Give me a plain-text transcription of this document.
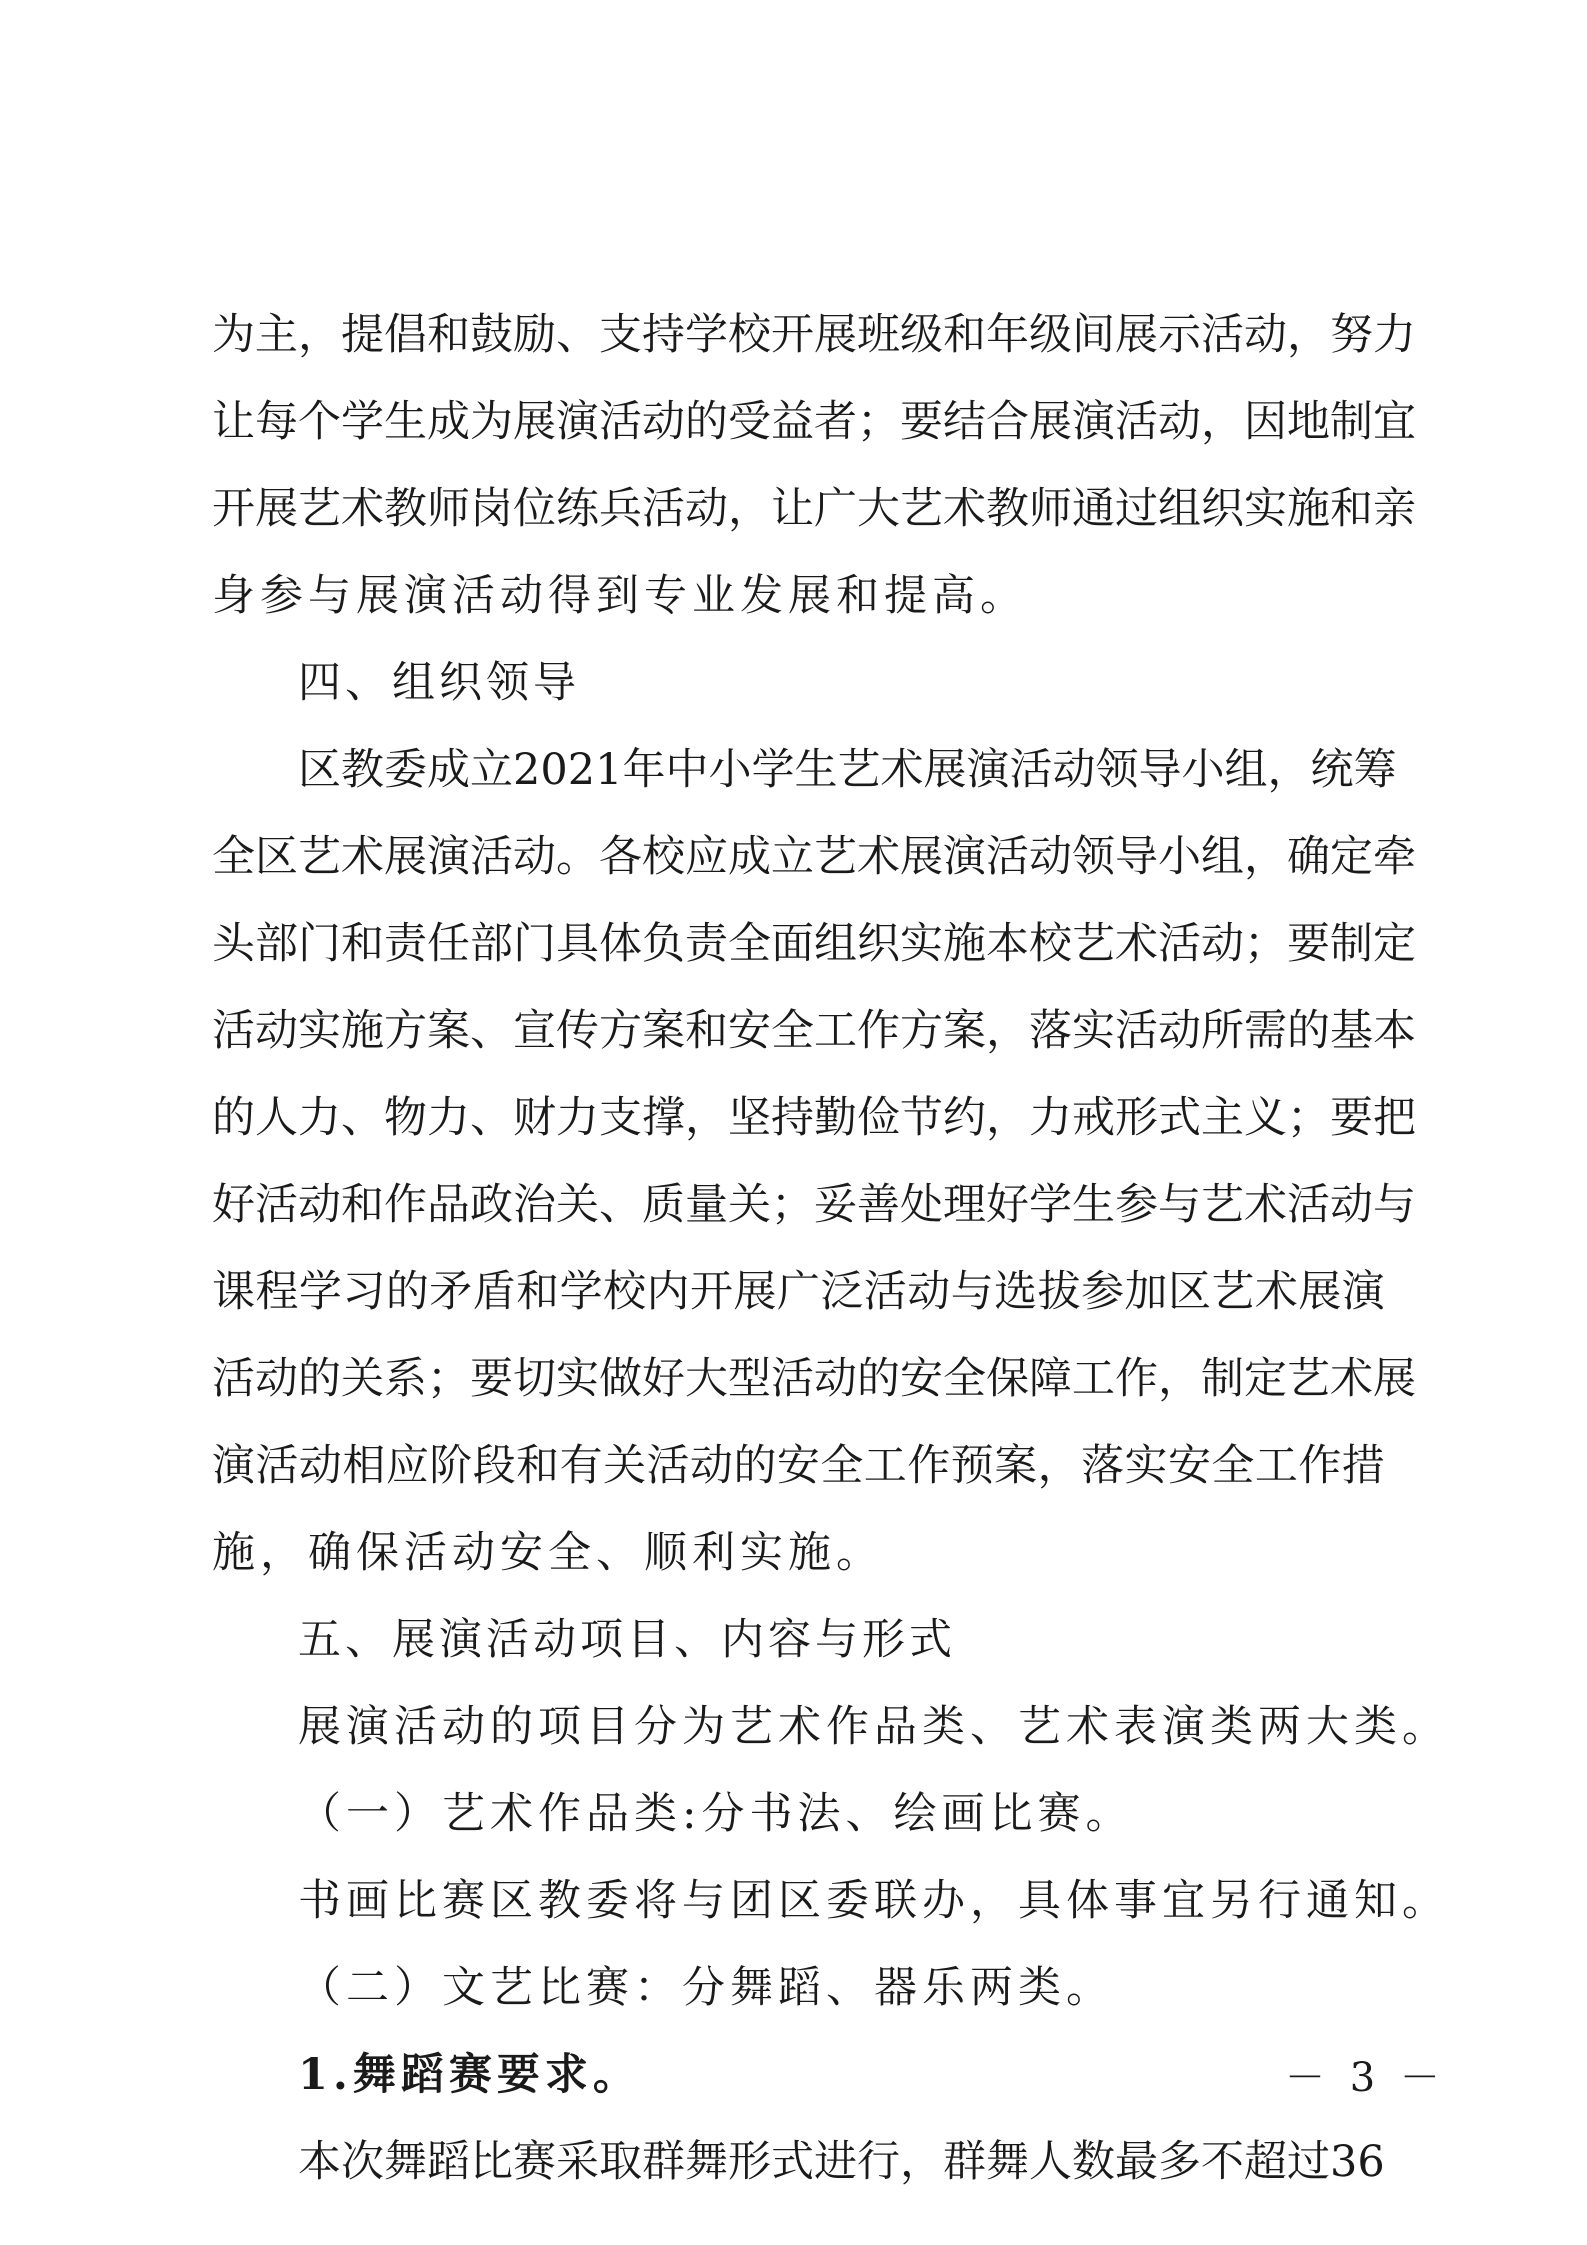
为 主 ， 提 倡 和 鼓 励 、 支 持 学 校 开 展 班 级 和 年 级 间 展 示 活 动 ， 努 力
让 每 个 学 生 成 为 展 演 活 动 的 受 益 者 ； 要 结 合 展 演 活 动 ， 因 地 制 宜
开 展 艺 术 教 师 岗 位 练 兵 活 动 ， 让 广 大 艺 术 教 师 通 过 组 织 实 施 和 亲
身参与展演活动得到专业发展和提高。
四、组织领导
区 教 委 成 立 2021 年 中 小 学 生 艺 术 展 演 活 动 领 导 小 组 ， 统 筹
全 区 艺 术 展 演 活 动 。 各 校 应 成 立 艺 术 展 演 活 动 领 导 小 组 ， 确 定 牵
头 部 门 和 责 任 部 门 具 体 负 责 全 面 组 织 实 施 本 校 艺 术 活 动 ； 要 制 定
活 动 实 施 方 案 、 宣 传 方 案 和 安 全 工 作 方 案 ， 落 实 活 动 所 需 的 基 本
的 人 力 、 物 力 、 财 力 支 撑 ， 坚 持 勤 俭 节 约 ， 力 戒 形 式 主 义 ； 要 把
好 活 动 和 作 品 政 治 关 、 质 量 关 ； 妥 善 处 理 好 学 生 参 与 艺 术 活 动 与
课 程 学 习 的 矛 盾 和 学 校 内 开 展 广 泛 活 动 与 选 拔 参 加 区 艺 术 展 演
活 动 的 关 系 ； 要 切 实 做 好 大 型 活 动 的 安 全 保 障 工 作 ， 制 定 艺 术 展
演 活 动 相 应 阶 段 和 有 关 活 动 的 安 全 工 作 预 案 ， 落 实 安 全 工 作 措
施，确保活动安全、顺利实施。
五、展演活动项目、内容与形式
展演活动的项目分为艺术作品类、艺术表演类两大类。
（一）艺术作品类:分书法、绘画比赛。
书画比赛区教委将与团区委联办，具体事宜另行通知。
（二）文艺比赛：分舞蹈、器乐两类。
1.舞蹈赛要求。
本 次 舞 蹈 比 赛 采 取 群 舞 形 式 进 行 ， 群 舞 人 数 最 多 不 超 过 36
－ 3 －
